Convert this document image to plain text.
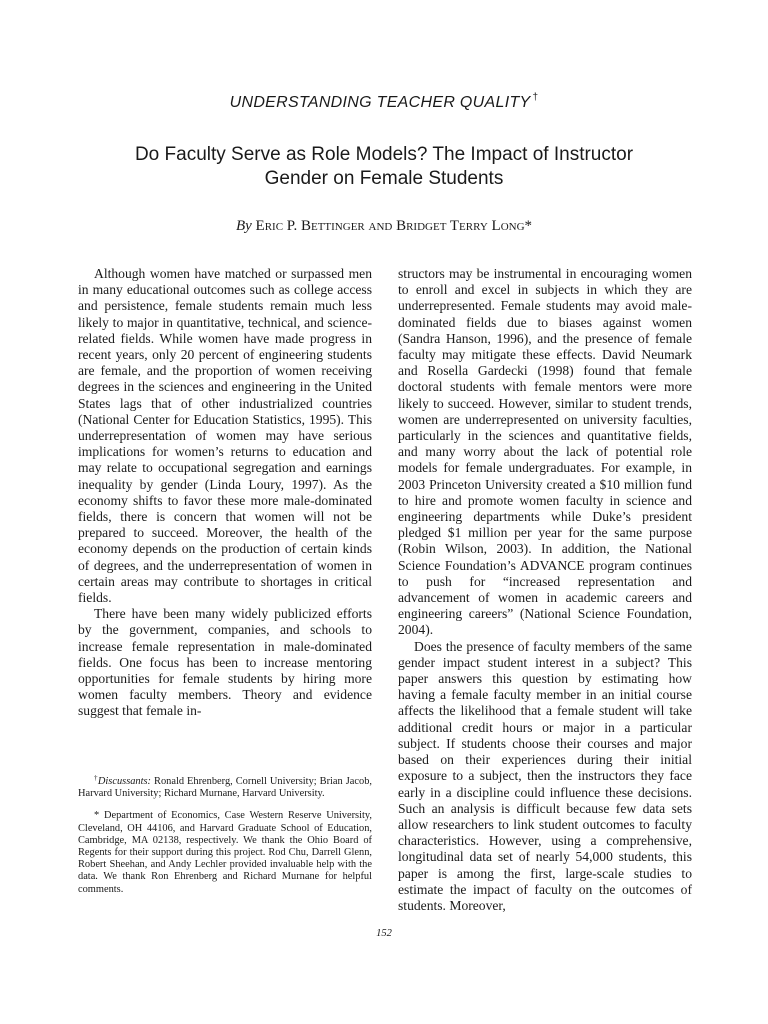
UNDERSTANDING TEACHER QUALITY †
Do Faculty Serve as Role Models? The Impact of Instructor
Gender on Female Students
By Eric P. Bettinger and Bridget Terry Long*

Although women have matched or surpassed men in many educational outcomes such as college access and persistence, female students remain much less likely to major in quantitative, technical, and science-related fields. While women have made progress in recent years, only 20 percent of engineering students are female, and the proportion of women receiving degrees in the sciences and engineering in the United States lags that of other industrialized countries (National Center for Education Statistics, 1995). This underrepresentation of women may have serious implications for women’s returns to education and may relate to occupational segregation and earnings inequality by gender (Linda Loury, 1997). As the economy shifts to favor these more male-dominated fields, there is concern that women will not be prepared to succeed. Moreover, the health of the economy depends on the production of certain kinds of degrees, and the underrepresentation of women in certain areas may contribute to shortages in critical fields.

There have been many widely publicized efforts by the government, companies, and schools to increase female representation in male-dominated fields. One focus has been to increase mentoring opportunities for female students by hiring more women faculty members. Theory and evidence suggest that female in-

†Discussants: Ronald Ehrenberg, Cornell University; Brian Jacob, Harvard University; Richard Murnane, Harvard University.

* Department of Economics, Case Western Reserve University, Cleveland, OH 44106, and Harvard Graduate School of Education, Cambridge, MA 02138, respectively. We thank the Ohio Board of Regents for their support during this project. Rod Chu, Darrell Glenn, Robert Sheehan, and Andy Lechler provided invaluable help with the data. We thank Ron Ehrenberg and Richard Murnane for helpful comments.

structors may be instrumental in encouraging women to enroll and excel in subjects in which they are underrepresented. Female students may avoid male-dominated fields due to biases against women (Sandra Hanson, 1996), and the presence of female faculty may mitigate these effects. David Neumark and Rosella Gardecki (1998) found that female doctoral students with female mentors were more likely to succeed. However, similar to student trends, women are underrepresented on university faculties, particularly in the sciences and quantitative fields, and many worry about the lack of potential role models for female undergraduates. For example, in 2003 Princeton University created a $10 million fund to hire and promote women faculty in science and engineering departments while Duke’s president pledged $1 million per year for the same purpose (Robin Wilson, 2003). In addition, the National Science Foundation’s ADVANCE program continues to push for “increased representation and advancement of women in academic careers and engineering careers” (National Science Foundation, 2004).

Does the presence of faculty members of the same gender impact student interest in a subject? This paper answers this question by estimating how having a female faculty member in an initial course affects the likelihood that a female student will take additional credit hours or major in a particular subject. If students choose their courses and major based on their experiences during their initial exposure to a subject, then the instructors they face early in a discipline could influence these decisions. Such an analysis is difficult because few data sets allow researchers to link student outcomes to faculty characteristics. However, using a comprehensive, longitudinal data set of nearly 54,000 students, this paper is among the first, large-scale studies to estimate the impact of faculty on the outcomes of students. Moreover,

152
